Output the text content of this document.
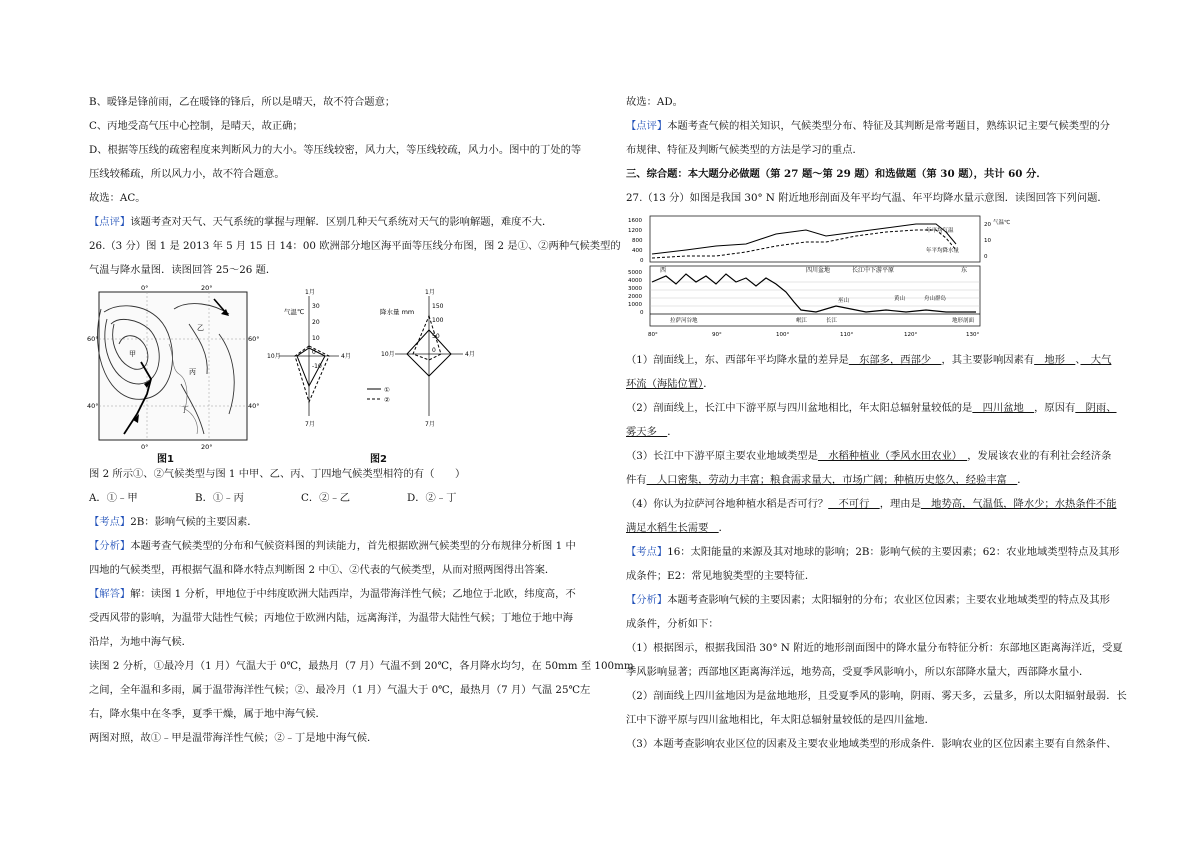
B、暖锋是锋前雨，乙在暖锋的锋后，所以是晴天，故不符合题意；
C、丙地受高气压中心控制，是晴天，故正确；
D、根据等压线的疏密程度来判断风力的大小。等压线较密，风力大，等压线较疏，风力小。图中的丁处的等
压线较稀疏，所以风力小，故不符合题意。
故选：AC。
【点评】该题考查对天气、天气系统的掌握与理解．区别几种天气系统对天气的影响解题，难度不大．
26.（3 分）图 1 是 2013 年 5 月 15 日 14：00 欧洲部分地区海平面等压线分布图，图 2 是①、②两种气候类型的
气温与降水量图．读图回答 25～26 题．
0°	20°
0°	20°
60°	60°
40°	40°
甲
乙
丙
丁
图1
气温℃
30
20
10
0
-10
1月
4月
7月
10月
降水量 mm
150
100
50
0
1月
4月
7月
10月
①
②
图2
图 2 所示①、②气候类型与图 1 中甲、乙、丙、丁四地气候类型相符的有（　　）
A．①﹣甲	B．①﹣丙	C．②﹣乙	D．②﹣丁
【考点】2B：影响气候的主要因素．
【分析】本题考查气候类型的分布和气候资料图的判读能力，首先根据欧洲气候类型的分布规律分析图 1 中
四地的气候类型，再根据气温和降水特点判断图 2 中①、②代表的气候类型，从而对照两图得出答案．
【解答】解：读图 1 分析，甲地位于中纬度欧洲大陆西岸，为温带海洋性气候；乙地位于北欧，纬度高，不
受西风带的影响，为温带大陆性气候；丙地位于欧洲内陆，远离海洋，为温带大陆性气候；丁地位于地中海
沿岸，为地中海气候．
读图 2 分析，①最冷月（1 月）气温大于 0℃，最热月（7 月）气温不到 20℃，各月降水均匀，在 50mm 至 100mm
之间，全年温和多雨，属于温带海洋性气候；②、最冷月（1 月）气温大于 0℃，最热月（7 月）气温 25℃左
右，降水集中在冬季，夏季干燥，属于地中海气候．
两图对照，故①﹣甲是温带海洋性气候；②﹣丁是地中海气候．
故选：AD。
【点评】本题考查气候的相关知识，气候类型分布、特征及其判断是常考题目，熟练识记主要气候类型的分
布规律、特征及判断气候类型的方法是学习的重点．
三、综合题：本大题分必做题（第 27 题～第 29 题）和选做题（第 30 题），共计 60 分．
27.（13 分）如图是我国 30° N 附近地形剖面及年平均气温、年平均降水量示意图．读图回答下列问题．
1600
1200
800
400
0
20
10
0
年平均气温
年平均降水量
气温℃
5000
4000
3000
2000
1000
0
西	四川盆地	长江中下游平原	东
巫山	黄山	舟山群岛
拉萨河谷地	岷江	长江	地形剖面
80°	90°	100°	110°	120°	130°
（1）剖面线上，东、西部年平均降水量的差异是　东部多，西部少　，其主要影响因素有　地形　、　大气
环流（海陆位置）．
（2）剖面线上，长江中下游平原与四川盆地相比，年太阳总辐射量较低的是　四川盆地　，原因有　阴雨、
雾天多　．
（3）长江中下游平原主要农业地域类型是　水稻种植业（季风水田农业）　，发展该农业的有利社会经济条
件有　人口密集，劳动力丰富；粮食需求量大，市场广阔；种植历史悠久，经验丰富　．
（4）你认为拉萨河谷地种植水稻是否可行？　不可行　，理由是　地势高，气温低，降水少；水热条件不能
满足水稻生长需要　．
【考点】16：太阳能量的来源及其对地球的影响；2B：影响气候的主要因素；62：农业地域类型特点及其形
成条件；E2：常见地貌类型的主要特征．
【分析】本题考查影响气候的主要因素；太阳辐射的分布；农业区位因素；主要农业地域类型的特点及其形
成条件，分析如下：
（1）根据图示，根据我国沿 30° N 附近的地形剖面图中的降水量分布特征分析：东部地区距离海洋近，受夏
季风影响显著；西部地区距离海洋远，地势高，受夏季风影响小，所以东部降水量大，西部降水量小．
（2）剖面线上四川盆地因为是盆地地形，且受夏季风的影响，阴雨、雾天多，云量多，所以太阳辐射最弱．长
江中下游平原与四川盆地相比，年太阳总辐射量较低的是四川盆地．
（3）本题考查影响农业区位的因素及主要农业地域类型的形成条件．影响农业的区位因素主要有自然条件、
